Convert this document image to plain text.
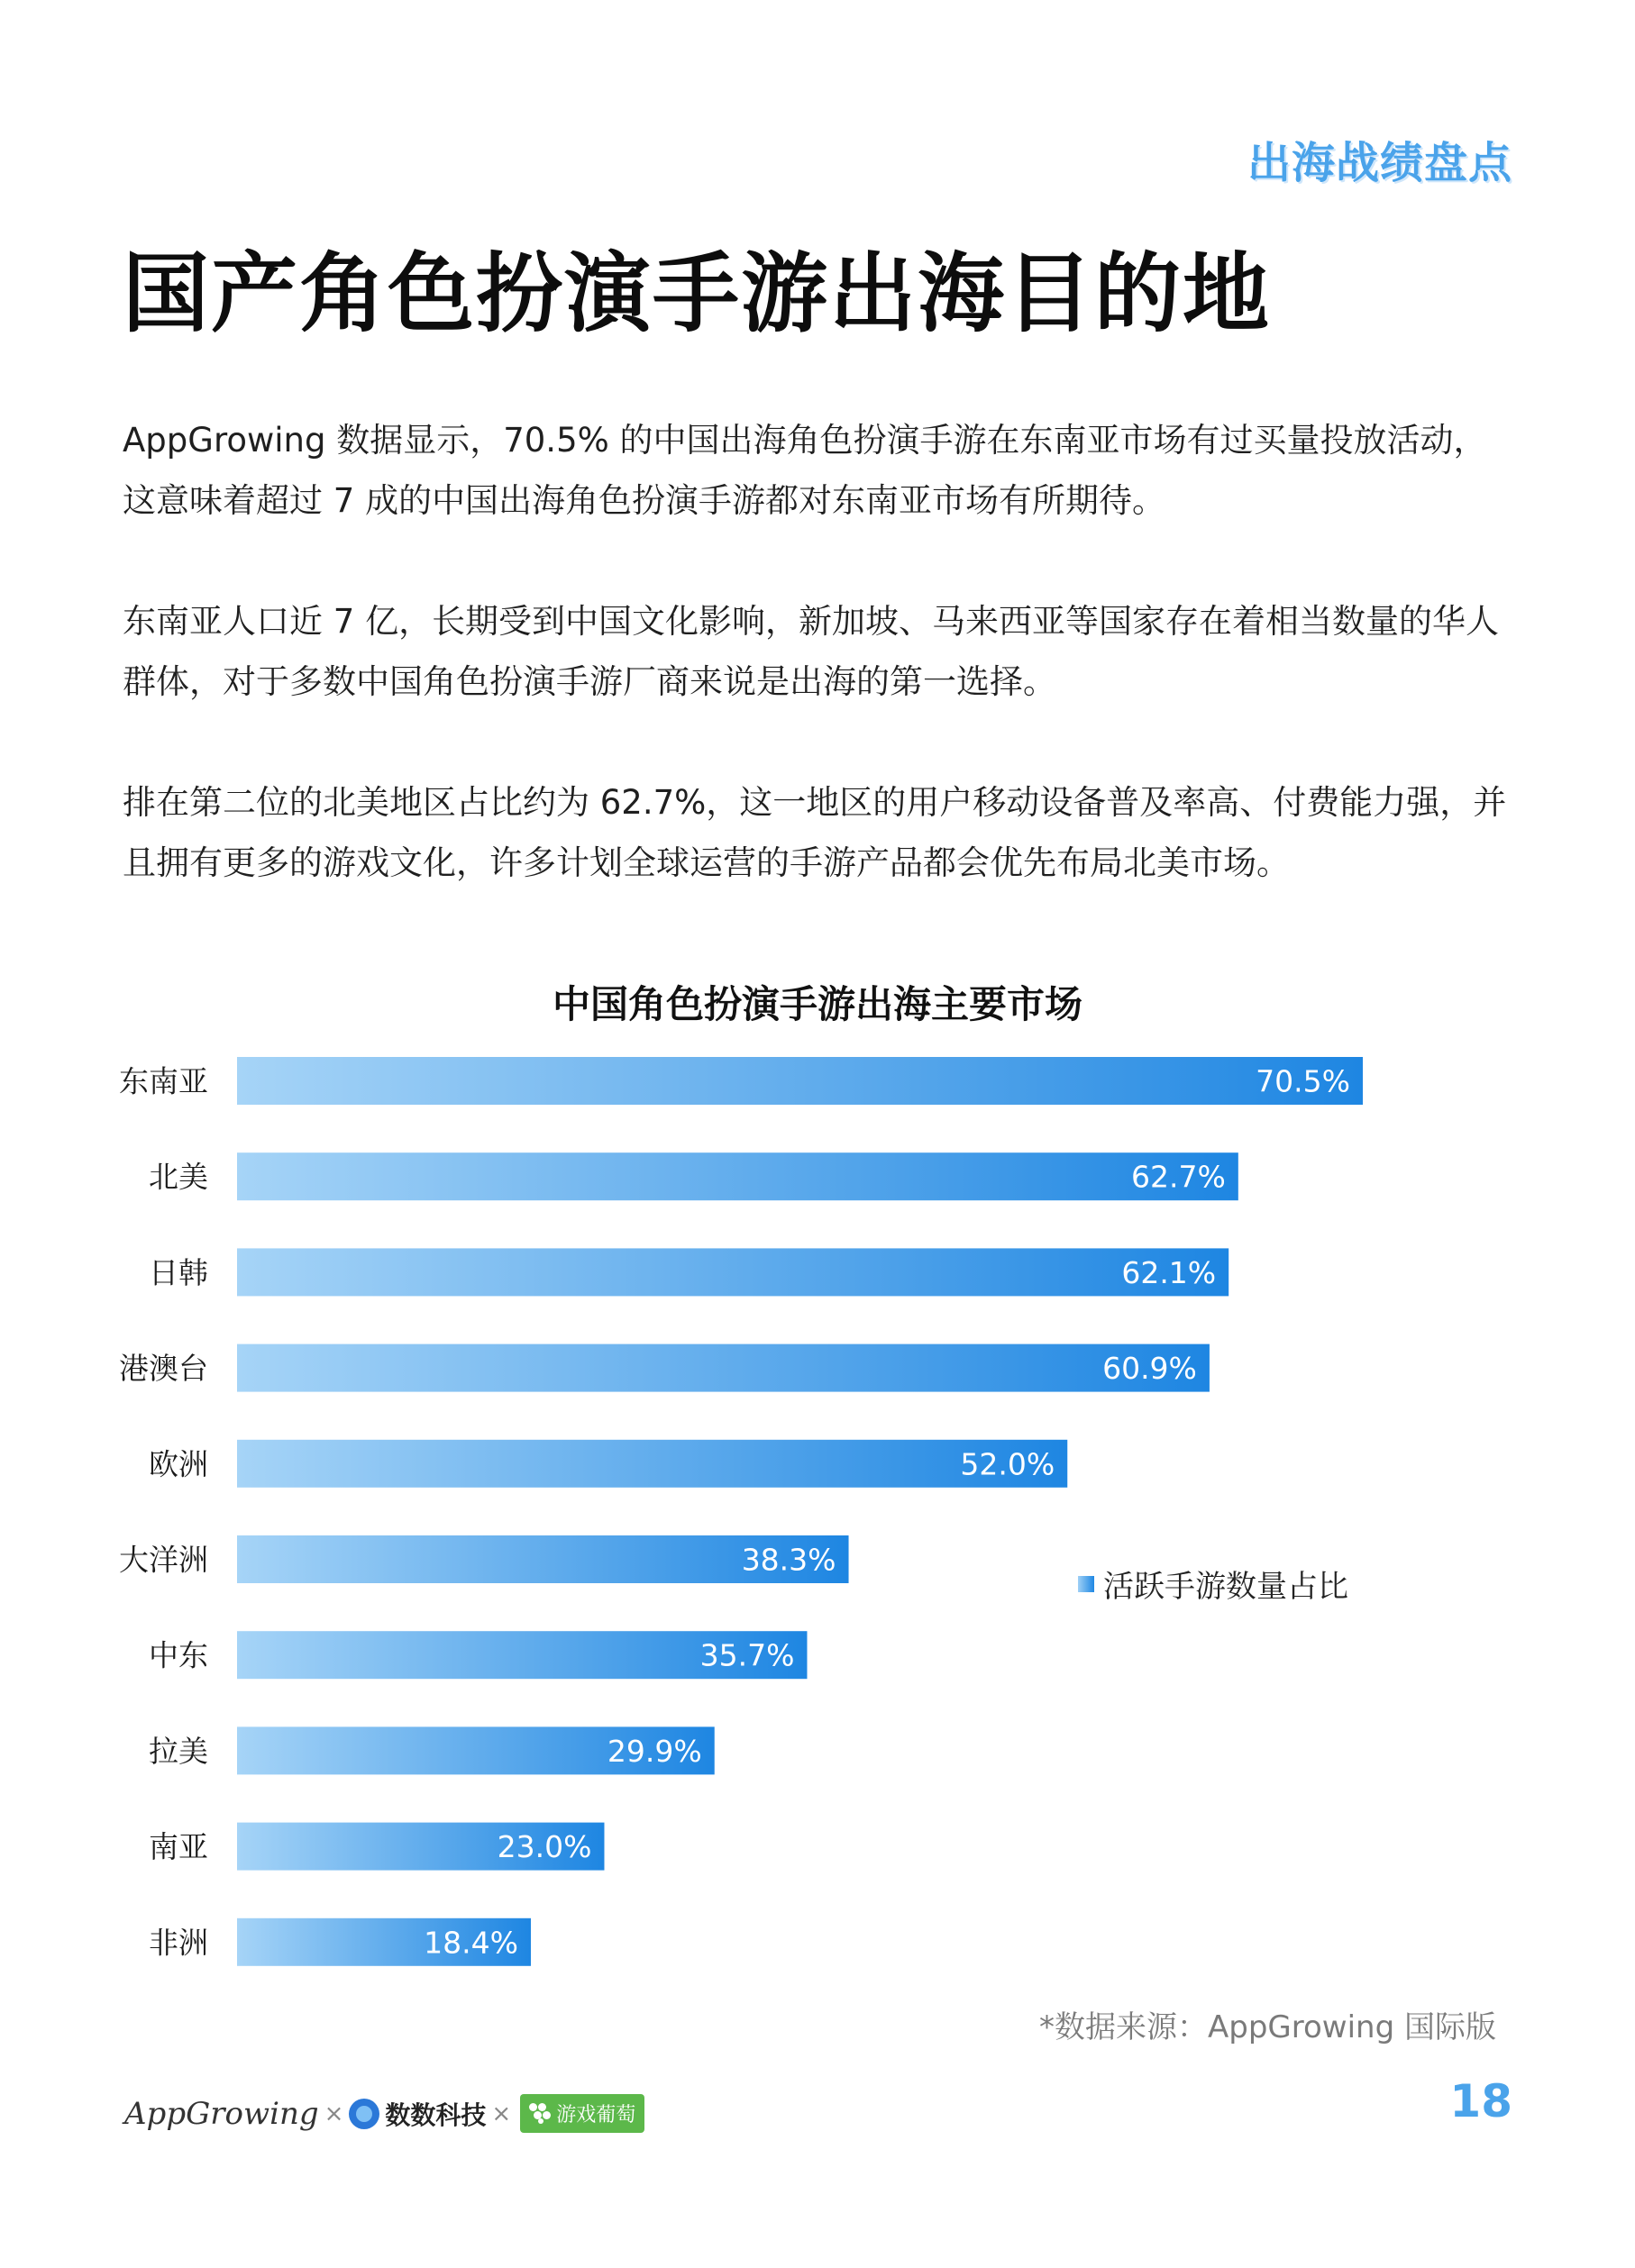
出海战绩盘点
国产角色扮演手游出海目的地

AppGrowing 数据显示，70.5% 的中国出海角色扮演手游在东南亚市场有过买量投放活动，这意味着超过 7 成的中国出海角色扮演手游都对东南亚市场有所期待。

东南亚人口近 7 亿，长期受到中国文化影响，新加坡、马来西亚等国家存在着相当数量的华人群体，对于多数中国角色扮演手游厂商来说是出海的第一选择。

排在第二位的北美地区占比约为 62.7%，这一地区的用户移动设备普及率高、付费能力强，并且拥有更多的游戏文化，许多计划全球运营的手游产品都会优先布局北美市场。

中国角色扮演手游出海主要市场
东南亚	70.5%
北美	62.7%
日韩	62.1%
港澳台	60.9%
欧洲	52.0%
大洋洲	38.3%
中东	35.7%
拉美	29.9%
南亚	23.0%
非洲	18.4%
活跃手游数量占比
*数据来源：AppGrowing 国际版
AppGrowing × 数数科技 × 游戏葡萄	18
